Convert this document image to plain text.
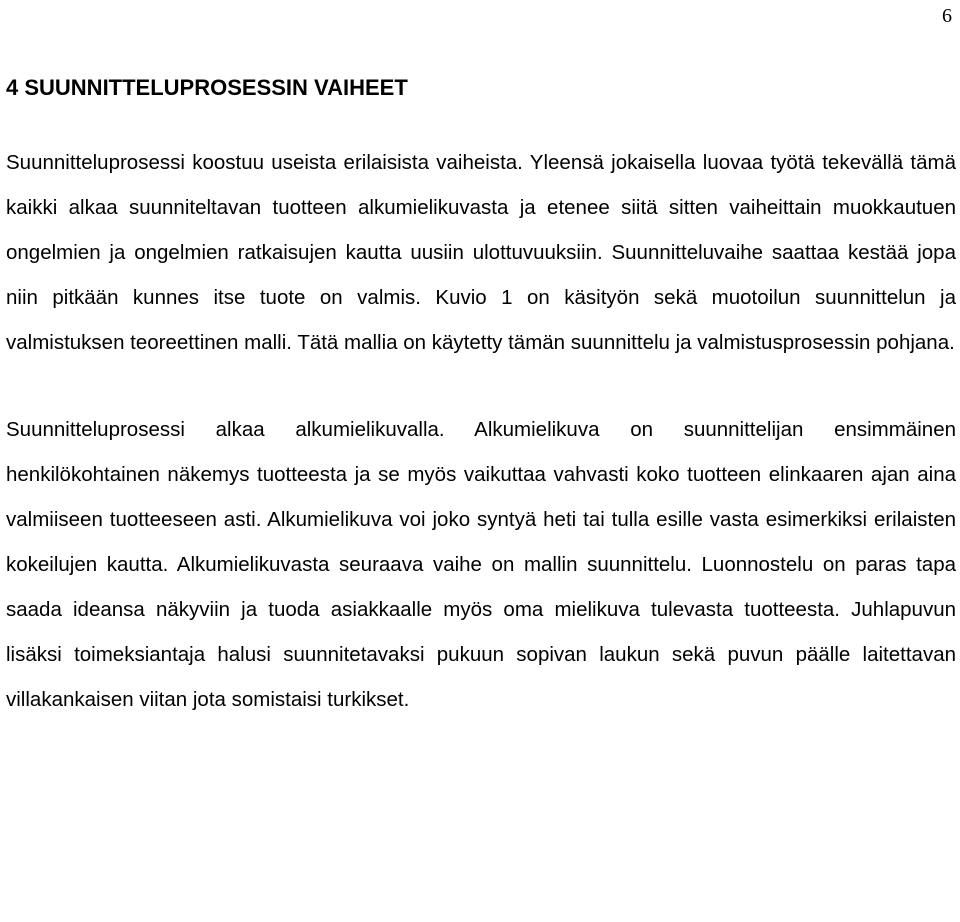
6
4 SUUNNITTELUPROSESSIN VAIHEET

Suunnitteluprosessi koostuu useista erilaisista vaiheista. Yleensä jokaisella luovaa työtä tekevällä tämä kaikki alkaa suunniteltavan tuotteen alkumielikuvasta ja etenee siitä sitten vaiheittain muokkautuen ongelmien ja ongelmien ratkaisujen kautta uusiin ulottuvuuksiin. Suunnitteluvaihe saattaa kestää jopa niin pitkään kunnes itse tuote on valmis. Kuvio 1 on käsityön sekä muotoilun suunnittelun ja valmistuksen teoreettinen malli. Tätä mallia on käytetty tämän suunnittelu ja valmistusprosessin pohjana.

Suunnitteluprosessi alkaa alkumielikuvalla. Alkumielikuva on suunnittelijan ensimmäinen henkilökohtainen näkemys tuotteesta ja se myös vaikuttaa vahvasti koko tuotteen elinkaaren ajan aina valmiiseen tuotteeseen asti. Alkumielikuva voi joko syntyä heti tai tulla esille vasta esimerkiksi erilaisten kokeilujen kautta. Alkumielikuvasta seuraava vaihe on mallin suunnittelu. Luonnostelu on paras tapa saada ideansa näkyviin ja tuoda asiakkaalle myös oma mielikuva tulevasta tuotteesta. Juhlapuvun lisäksi toimeksiantaja halusi suunnitetavaksi pukuun sopivan laukun sekä puvun päälle laitettavan villakankaisen viitan jota somistaisi turkikset.
